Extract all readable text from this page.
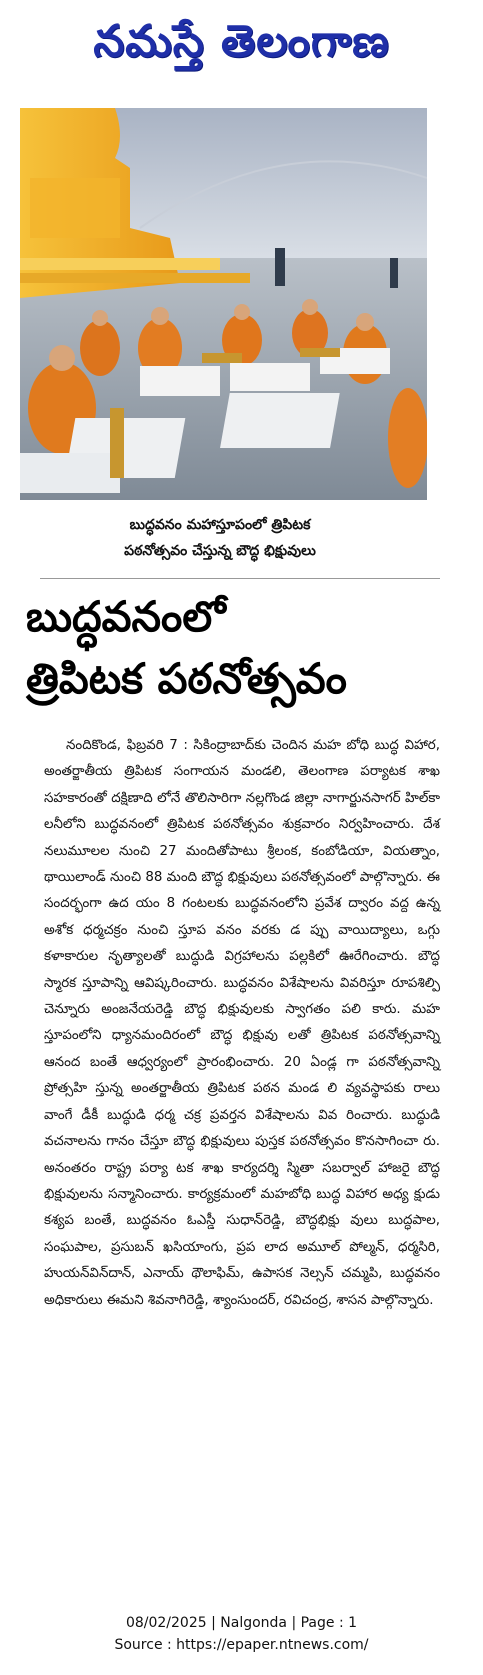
నమస్తే తెలంగాణ
బుద్ధవనం మహాస్తూపంలో త్రిపిటక
పఠనోత్సవం చేస్తున్న బౌద్ధ భిక్షువులు
బుద్ధవనంలో
త్రిపిటక పఠనోత్సవం
నందికొండ, ఫిబ్రవరి 7 : సికింద్రాబాద్‌కు చెందిన మహ బోధి బుద్ధ విహార, అంతర్జాతీయ త్రిపిటక సంగాయన మండలి, తెలంగాణ పర్యాటక శాఖ సహకారంతో దక్షిణాది లోనే తొలిసారిగా నల్లగొండ జిల్లా నాగార్జునసాగర్ హిల్‌కా లనీలోని బుద్ధవనంలో త్రిపిటక పఠనోత్సవం శుక్రవారం నిర్వహించారు. దేశ నలుమూలల నుంచి 27 మందితోపాటు శ్రీలంక, కంబోడియా, వియత్నాం, థాయిలాండ్ నుంచి 88 మంది బౌద్ధ భిక్షువులు పఠనోత్సవంలో పాల్గొన్నారు. ఈ సందర్భంగా ఉద యం 8 గంటలకు బుద్ధవనంలోని ప్రవేశ ద్వారం వద్ద ఉన్న అశోక ధర్మచక్రం నుంచి స్తూప వనం వరకు డ ప్పు వాయిద్యాలు, ఒగ్గు కళాకారుల నృత్యాలతో బుద్ధుడి విగ్రహాలను పల్లకిలో ఊరేగించారు. బౌద్ధ స్మారక స్తూపాన్ని ఆవిష్కరించారు. బుద్ధవనం విశేషాలను వివరిస్తూ రూపశిల్పి చెన్నూరు అంజనేయరెడ్డి బౌద్ధ భిక్షువులకు స్వాగతం పలి కారు. మహ స్తూపంలోని ధ్యానమందిరంలో బౌద్ధ భిక్షువు లతో త్రిపిటక పఠనోత్సవాన్ని ఆనంద బంతే ఆధ్వర్యంలో ప్రారంభించారు. 20 ఏండ్ల గా పఠనోత్సవాన్ని ప్రోత్సహి స్తున్న అంతర్జాతీయ త్రిపిటక పఠన మండ లి వ్యవస్థాపకు రాలు వాంగే డీకీ బుద్ధుడి ధర్మ చక్ర ప్రవర్తన విశేషాలను వివ రించారు. బుద్ధుడి వచనాలను గానం చేస్తూ బౌద్ధ భిక్షువులు పుస్తక పఠనోత్సవం కొనసాగించా రు. అనంతరం రాష్ట్ర పర్యా టక శాఖ కార్యదర్శి స్మితా సబర్వాల్ హాజరై బౌద్ధ భిక్షువులను సన్మానించారు. కార్యక్రమంలో మహబోధి బుద్ధ విహార అధ్య క్షుడు కశ్యప బంతే, బుద్ధవనం ఓఎస్డీ సుధాన్‌రెడ్డి, బౌద్ధభిక్షు వులు బుద్ధపాల, సంఘపాల, ప్రసుబన్ ఖసియాంగు, ప్రప లాద అమూల్ పోల్మన్, ధర్మసిరి, హుయన్‌విన్‌దాన్, ఎనాయ్ థౌలాఫిమ్, ఉపాసక నెల్సన్ చమ్మపి, బుద్ధవనం అధికారులు ఈమని శివనాగిరెడ్డి, శ్యాంసుందర్, రవిచంద్ర, శాసన పాల్గొన్నారు.
08/02/2025 | Nalgonda | Page : 1
Source : https://epaper.ntnews.com/
